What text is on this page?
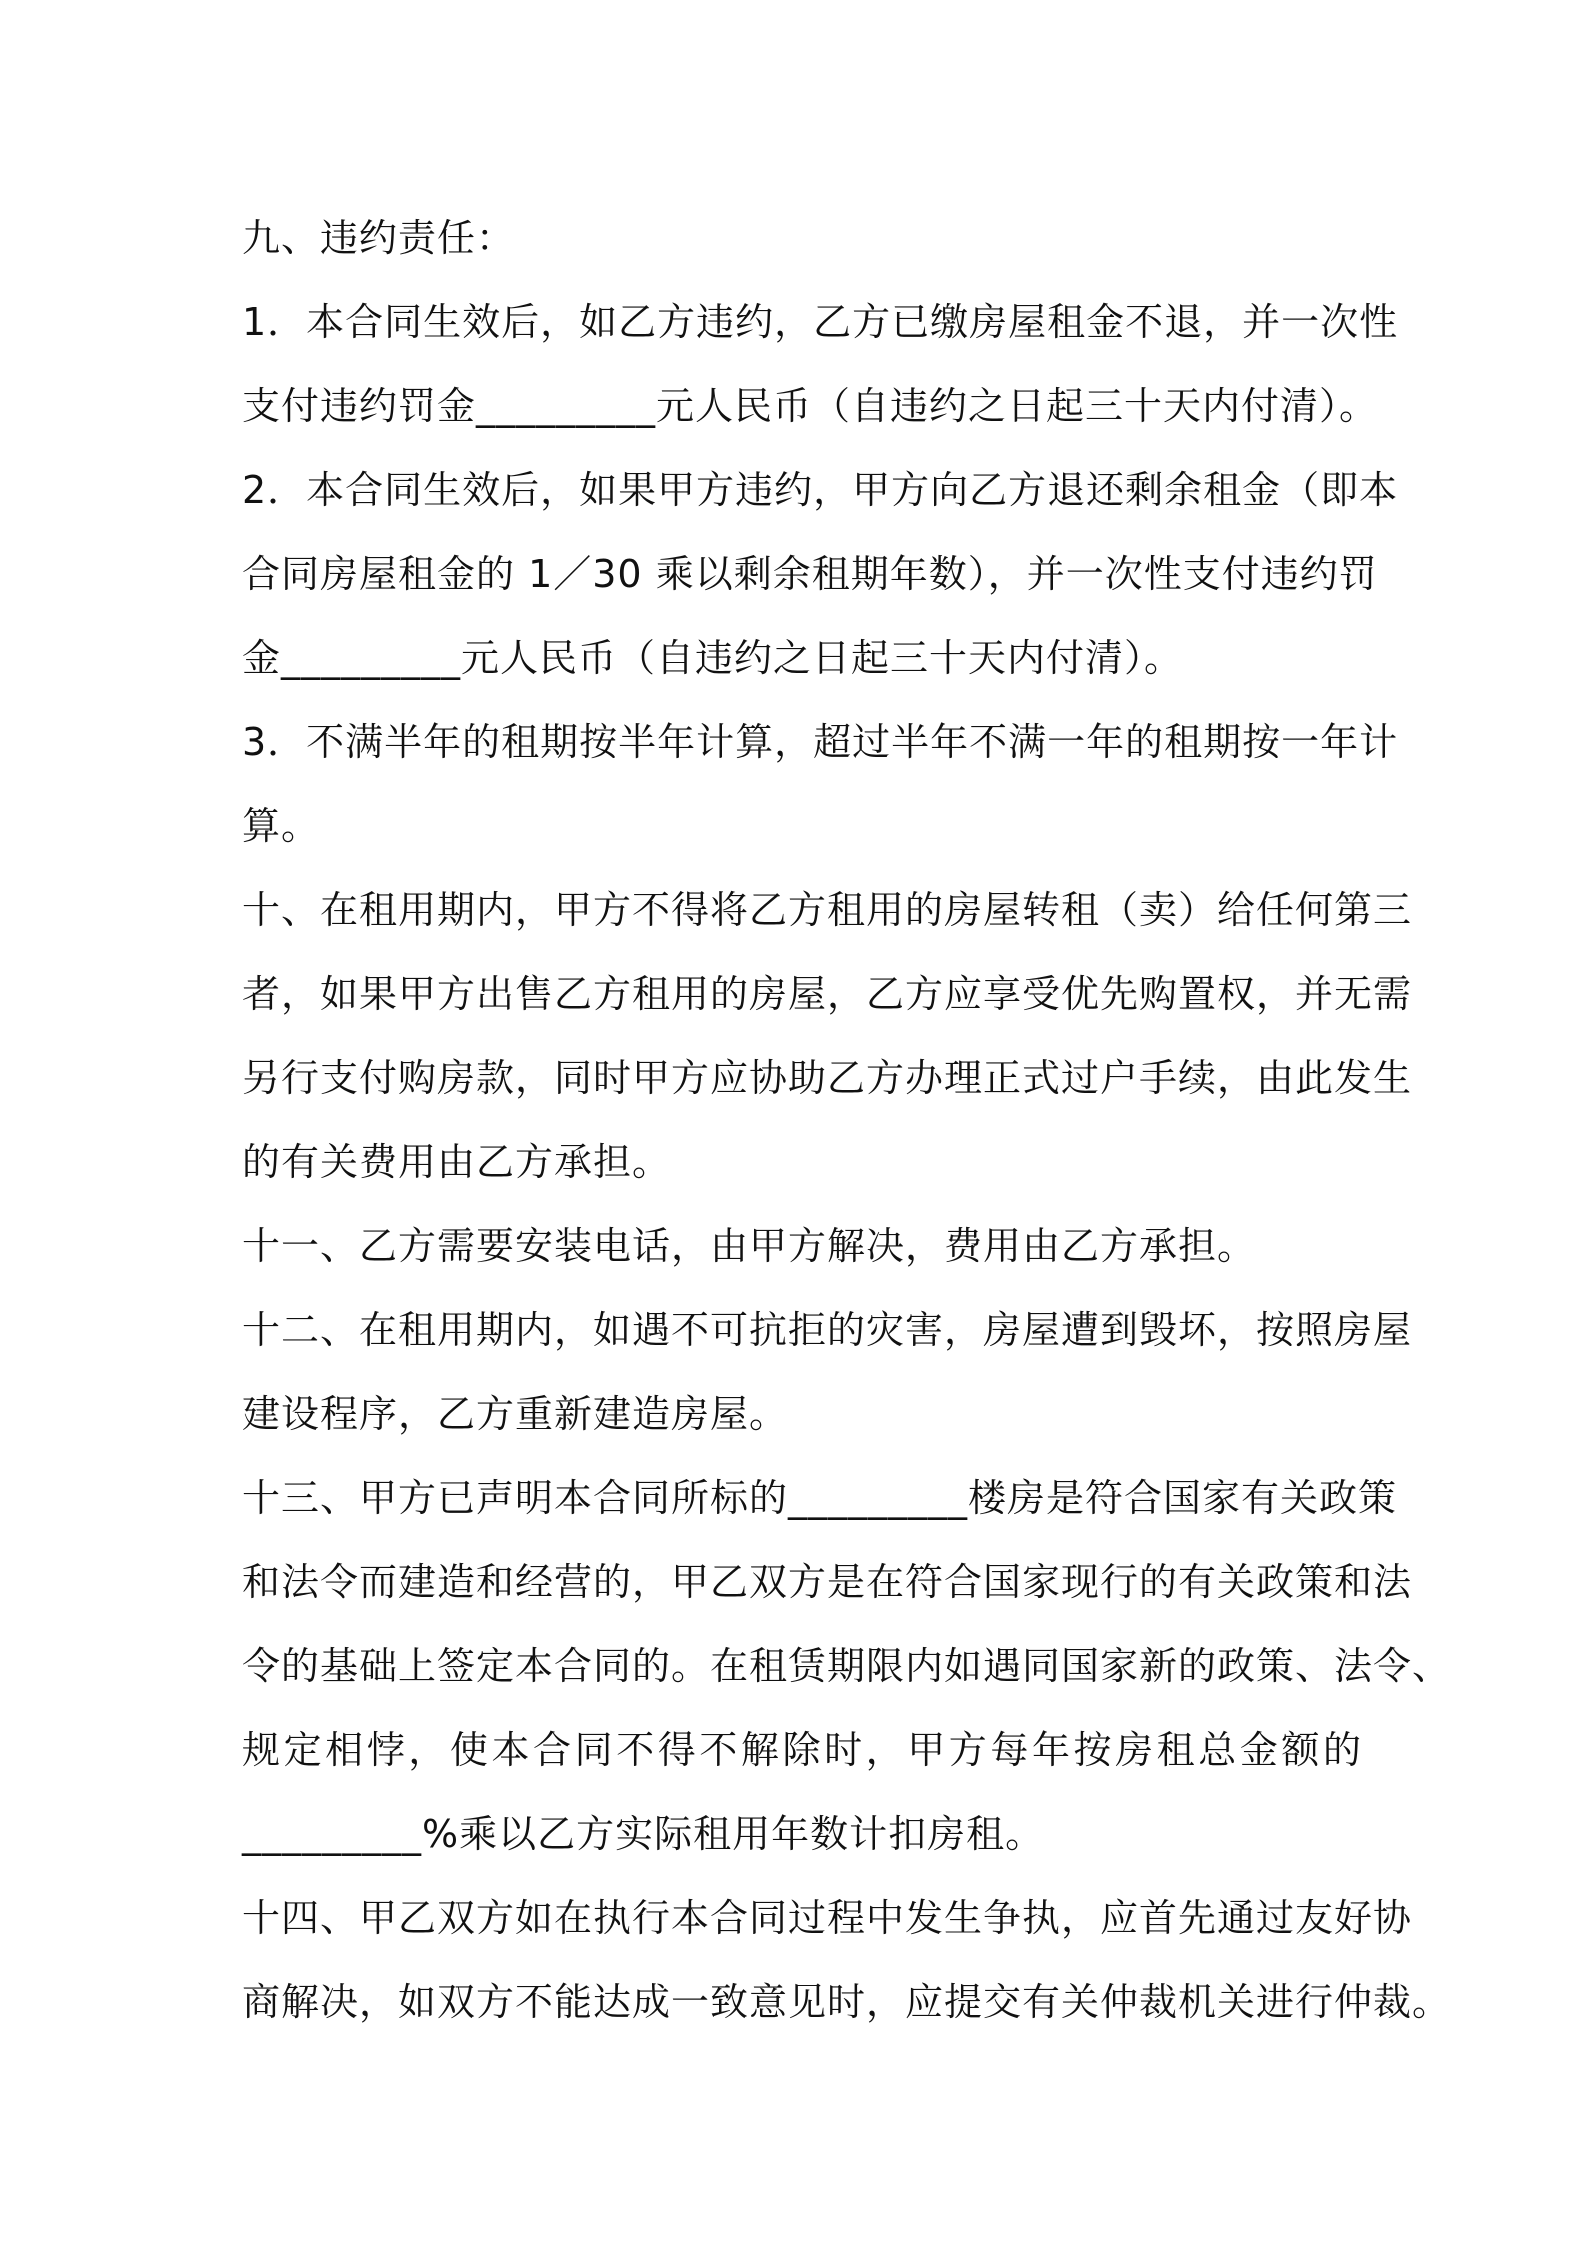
九、违约责任：
1．本合同生效后，如乙方违约，乙方已缴房屋租金不退，并一次性
支付违约罚金_________元人民币（自违约之日起三十天内付清）。
2．本合同生效后，如果甲方违约，甲方向乙方退还剩余租金（即本
合同房屋租金的 1／30 乘以剩余租期年数），并一次性支付违约罚
金_________元人民币（自违约之日起三十天内付清）。
3．不满半年的租期按半年计算，超过半年不满一年的租期按一年计
算。
十、在租用期内，甲方不得将乙方租用的房屋转租（卖）给任何第三
者，如果甲方出售乙方租用的房屋，乙方应享受优先购置权，并无需
另行支付购房款，同时甲方应协助乙方办理正式过户手续，由此发生
的有关费用由乙方承担。
十一、乙方需要安装电话，由甲方解决，费用由乙方承担。
十二、在租用期内，如遇不可抗拒的灾害，房屋遭到毁坏，按照房屋
建设程序，乙方重新建造房屋。
十三、甲方已声明本合同所标的_________楼房是符合国家有关政策
和法令而建造和经营的，甲乙双方是在符合国家现行的有关政策和法
令的基础上签定本合同的。在租赁期限内如遇同国家新的政策、法令、
规定相悖，使本合同不得不解除时，甲方每年按房租总金额的
_________%乘以乙方实际租用年数计扣房租。
十四、甲乙双方如在执行本合同过程中发生争执，应首先通过友好协
商解决，如双方不能达成一致意见时，应提交有关仲裁机关进行仲裁。
